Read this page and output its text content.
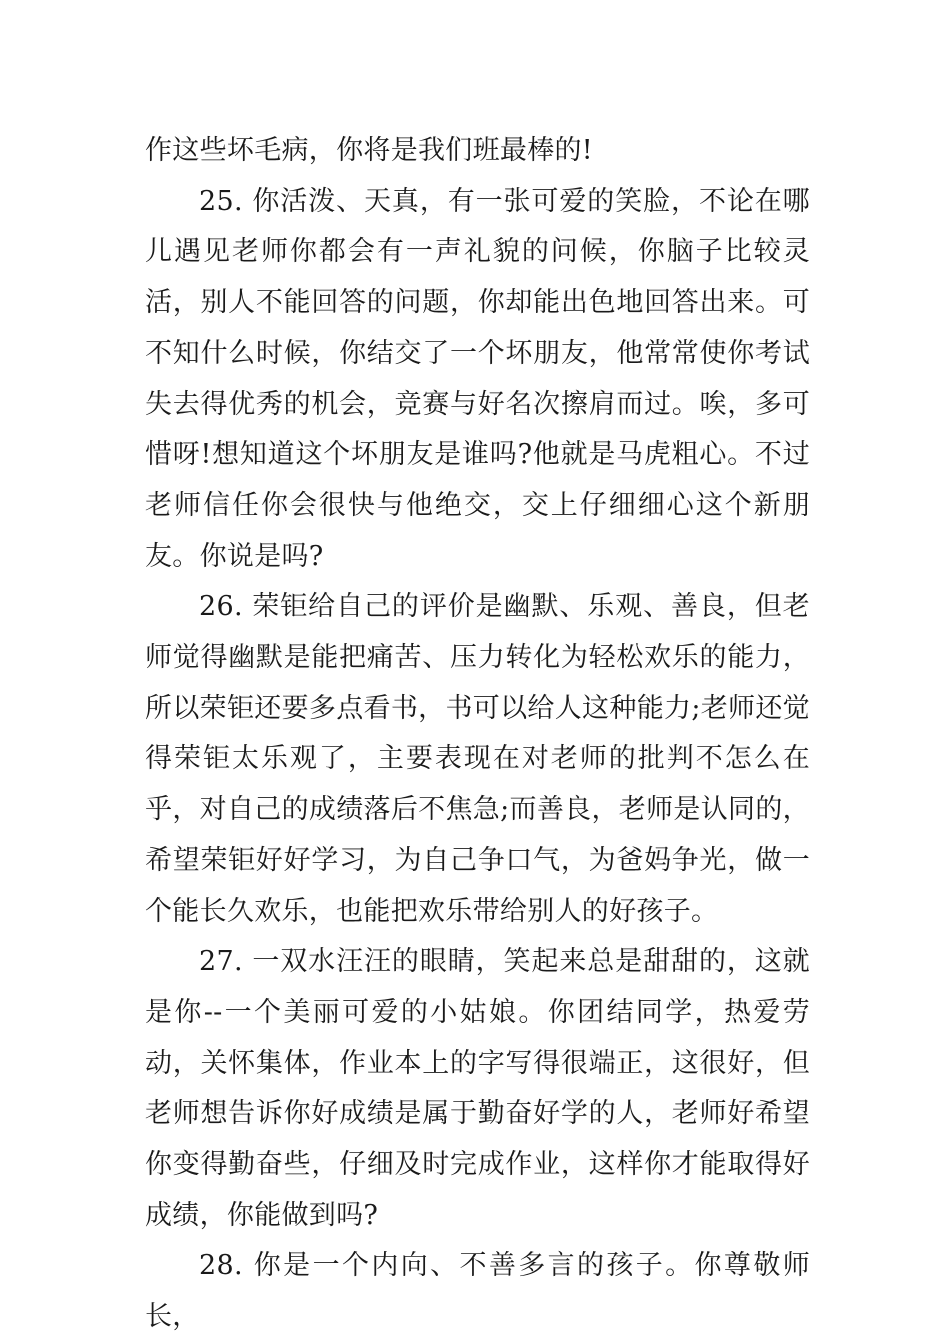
作这些坏毛病，你将是我们班最棒的!

25. 你活泼、天真，有一张可爱的笑脸，不论在哪儿遇见老师你都会有一声礼貌的问候，你脑子比较灵活，别人不能回答的问题，你却能出色地回答出来。可不知什么时候，你结交了一个坏朋友，他常常使你考试失去得优秀的机会，竞赛与好名次擦肩而过。唉，多可惜呀!想知道这个坏朋友是谁吗?他就是马虎粗心。不过老师信任你会很快与他绝交，交上仔细细心这个新朋友。你说是吗?

26. 荣钜给自己的评价是幽默、乐观、善良，但老师觉得幽默是能把痛苦、压力转化为轻松欢乐的能力，所以荣钜还要多点看书，书可以给人这种能力;老师还觉得荣钜太乐观了，主要表现在对老师的批判不怎么在乎，对自己的成绩落后不焦急;而善良，老师是认同的，希望荣钜好好学习，为自己争口气，为爸妈争光，做一个能长久欢乐，也能把欢乐带给别人的好孩子。

27. 一双水汪汪的眼睛，笑起来总是甜甜的，这就是你--一个美丽可爱的小姑娘。你团结同学，热爱劳动，关怀集体，作业本上的字写得很端正，这很好，但老师想告诉你好成绩是属于勤奋好学的人，老师好希望你变得勤奋些，仔细及时完成作业，这样你才能取得好成绩，你能做到吗?

28. 你是一个内向、不善多言的孩子。你尊敬师长，
